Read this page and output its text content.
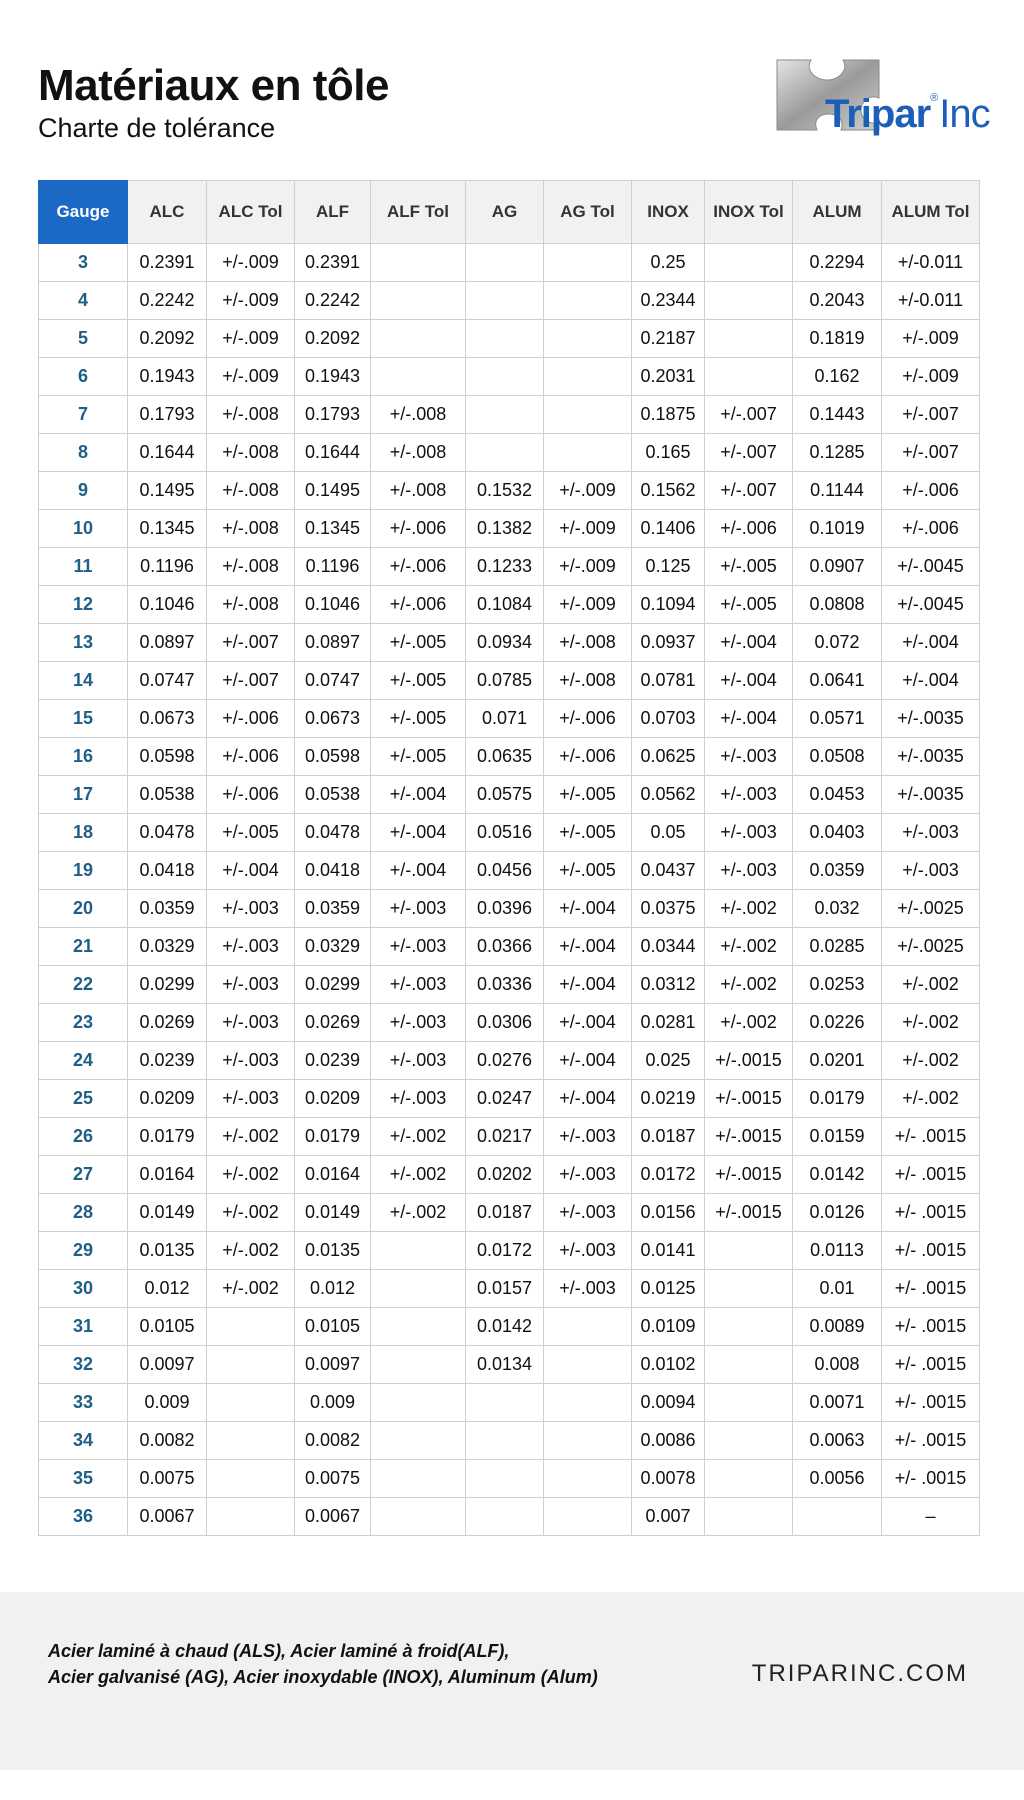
Matériaux en tôle
Charte de tolérance	Tripar®Inc
Gauge	ALC	ALC Tol	ALF	ALF Tol	AG	AG Tol	INOX	INOX Tol	ALUM	ALUM Tol
3	0.2391	+/-.009	0.2391				0.25		0.2294	+/-0.011
4	0.2242	+/-.009	0.2242				0.2344		0.2043	+/-0.011
5	0.2092	+/-.009	0.2092				0.2187		0.1819	+/-.009
6	0.1943	+/-.009	0.1943				0.2031		0.162	+/-.009
7	0.1793	+/-.008	0.1793	+/-.008			0.1875	+/-.007	0.1443	+/-.007
8	0.1644	+/-.008	0.1644	+/-.008			0.165	+/-.007	0.1285	+/-.007
9	0.1495	+/-.008	0.1495	+/-.008	0.1532	+/-.009	0.1562	+/-.007	0.1144	+/-.006
10	0.1345	+/-.008	0.1345	+/-.006	0.1382	+/-.009	0.1406	+/-.006	0.1019	+/-.006
11	0.1196	+/-.008	0.1196	+/-.006	0.1233	+/-.009	0.125	+/-.005	0.0907	+/-.0045
12	0.1046	+/-.008	0.1046	+/-.006	0.1084	+/-.009	0.1094	+/-.005	0.0808	+/-.0045
13	0.0897	+/-.007	0.0897	+/-.005	0.0934	+/-.008	0.0937	+/-.004	0.072	+/-.004
14	0.0747	+/-.007	0.0747	+/-.005	0.0785	+/-.008	0.0781	+/-.004	0.0641	+/-.004
15	0.0673	+/-.006	0.0673	+/-.005	0.071	+/-.006	0.0703	+/-.004	0.0571	+/-.0035
16	0.0598	+/-.006	0.0598	+/-.005	0.0635	+/-.006	0.0625	+/-.003	0.0508	+/-.0035
17	0.0538	+/-.006	0.0538	+/-.004	0.0575	+/-.005	0.0562	+/-.003	0.0453	+/-.0035
18	0.0478	+/-.005	0.0478	+/-.004	0.0516	+/-.005	0.05	+/-.003	0.0403	+/-.003
19	0.0418	+/-.004	0.0418	+/-.004	0.0456	+/-.005	0.0437	+/-.003	0.0359	+/-.003
20	0.0359	+/-.003	0.0359	+/-.003	0.0396	+/-.004	0.0375	+/-.002	0.032	+/-.0025
21	0.0329	+/-.003	0.0329	+/-.003	0.0366	+/-.004	0.0344	+/-.002	0.0285	+/-.0025
22	0.0299	+/-.003	0.0299	+/-.003	0.0336	+/-.004	0.0312	+/-.002	0.0253	+/-.002
23	0.0269	+/-.003	0.0269	+/-.003	0.0306	+/-.004	0.0281	+/-.002	0.0226	+/-.002
24	0.0239	+/-.003	0.0239	+/-.003	0.0276	+/-.004	0.025	+/-.0015	0.0201	+/-.002
25	0.0209	+/-.003	0.0209	+/-.003	0.0247	+/-.004	0.0219	+/-.0015	0.0179	+/-.002
26	0.0179	+/-.002	0.0179	+/-.002	0.0217	+/-.003	0.0187	+/-.0015	0.0159	+/- .0015
27	0.0164	+/-.002	0.0164	+/-.002	0.0202	+/-.003	0.0172	+/-.0015	0.0142	+/- .0015
28	0.0149	+/-.002	0.0149	+/-.002	0.0187	+/-.003	0.0156	+/-.0015	0.0126	+/- .0015
29	0.0135	+/-.002	0.0135		0.0172	+/-.003	0.0141		0.0113	+/- .0015
30	0.012	+/-.002	0.012		0.0157	+/-.003	0.0125		0.01	+/- .0015
31	0.0105		0.0105		0.0142		0.0109		0.0089	+/- .0015
32	0.0097		0.0097		0.0134		0.0102		0.008	+/- .0015
33	0.009		0.009				0.0094		0.0071	+/- .0015
34	0.0082		0.0082				0.0086		0.0063	+/- .0015
35	0.0075		0.0075				0.0078		0.0056	+/- .0015
36	0.0067		0.0067				0.007			–
Acier laminé à chaud (ALS), Acier laminé à froid(ALF),
Acier galvanisé (AG), Acier inoxydable (INOX), Aluminum (Alum)	TRIPARINC.COM
